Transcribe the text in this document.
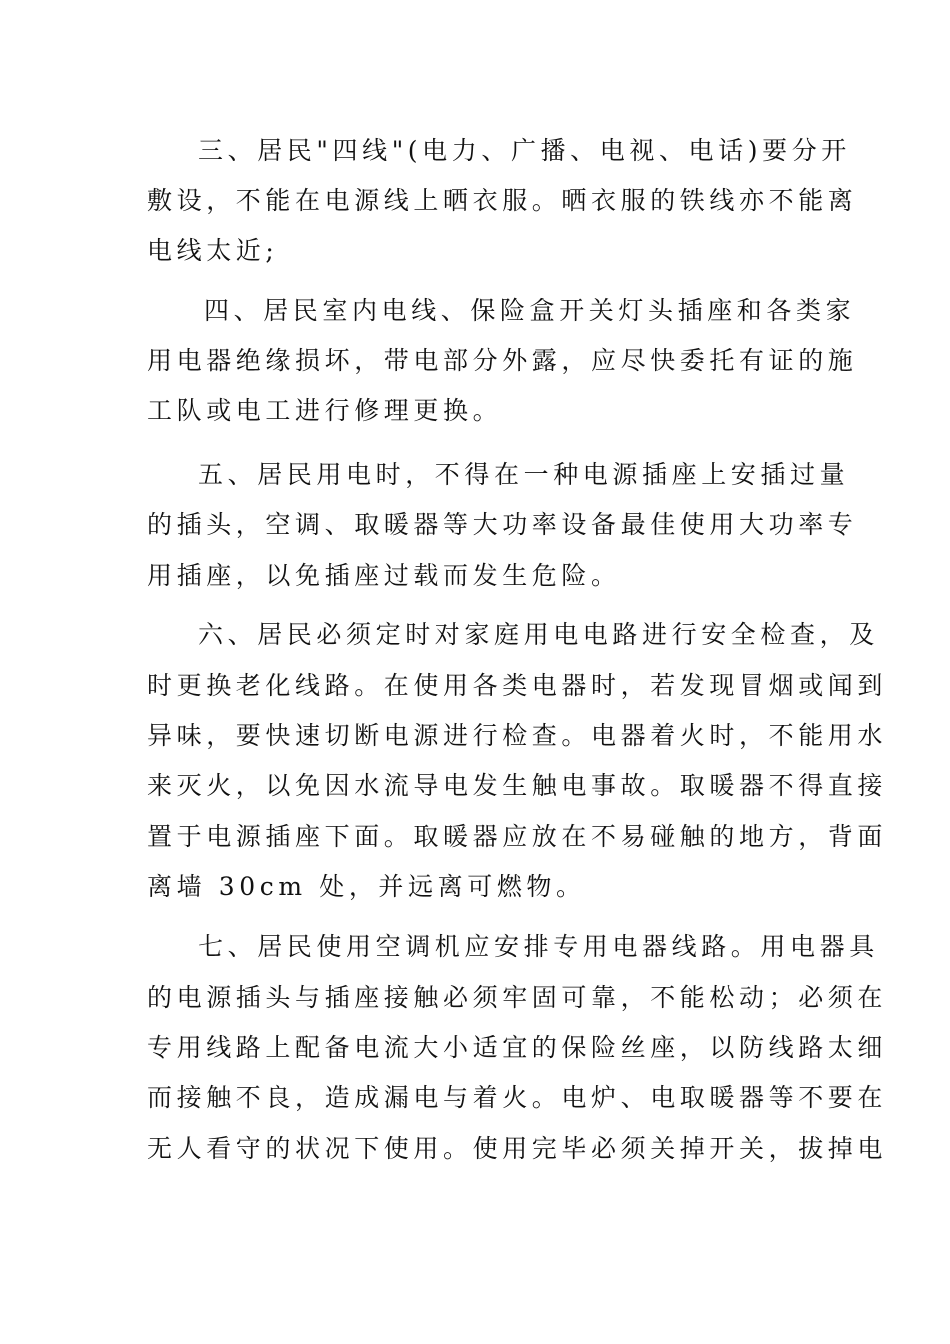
三、居民"四线"(电力、广播、电视、电话)要分开
敷设，不能在电源线上晒衣服。晒衣服的铁线亦不能离
电线太近;
四、居民室内电线、保险盒开关灯头插座和各类家
用电器绝缘损坏，带电部分外露，应尽快委托有证的施
工队或电工进行修理更换。
五、居民用电时，不得在一种电源插座上安插过量
的插头，空调、取暖器等大功率设备最佳使用大功率专
用插座，以免插座过载而发生危险。
六、居民必须定时对家庭用电电路进行安全检查，及
时更换老化线路。在使用各类电器时，若发现冒烟或闻到
异味，要快速切断电源进行检查。电器着火时，不能用水
来灭火，以免因水流导电发生触电事故。取暖器不得直接
置于电源插座下面。取暖器应放在不易碰触的地方，背面
离墙 30cm 处，并远离可燃物。
七、居民使用空调机应安排专用电器线路。用电器具
的电源插头与插座接触必须牢固可靠，不能松动；必须在
专用线路上配备电流大小适宜的保险丝座，以防线路太细
而接触不良，造成漏电与着火。电炉、电取暖器等不要在
无人看守的状况下使用。使用完毕必须关掉开关，拔掉电
